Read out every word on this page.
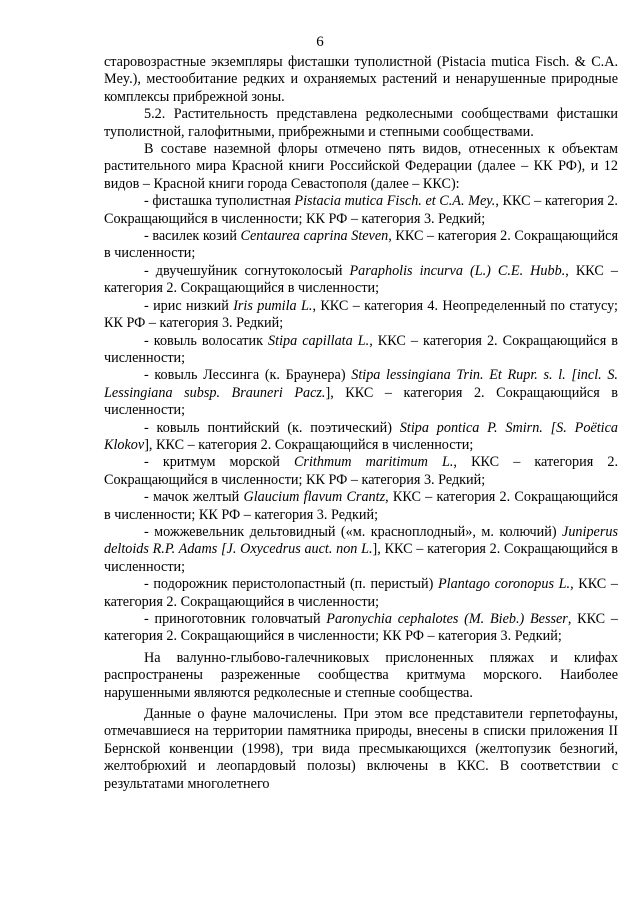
6

старовозрастные экземпляры фисташки туполистной (Pistacia mutica Fisch. & C.A. Mey.), местообитание редких и охраняемых растений и ненарушенные природные комплексы прибрежной зоны.

5.2. Растительность представлена редколесными сообществами фисташки туполистной, галофитными, прибрежными и степными сообществами.

В составе наземной флоры отмечено пять видов, отнесенных к объектам растительного мира Красной книги Российской Федерации (далее – КК РФ), и 12 видов – Красной книги города Севастополя (далее – ККС):

- фисташка туполистная Pistacia mutica Fisch. et C.A. Mey., ККС – категория 2. Сокращающийся в численности; КК РФ – категория 3. Редкий;

- василек козий Centaurea caprina Steven, ККС – категория 2. Сокращающийся в численности;

- двучешуйник согнутоколосый Parapholis incurva (L.) C.E. Hubb., ККС – категория 2. Сокращающийся в численности;

- ирис низкий Iris pumila L., ККС – категория 4. Неопределенный по статусу; КК РФ – категория 3. Редкий;

- ковыль волосатик Stipa capillata L., ККС – категория 2. Сокращающийся в численности;

- ковыль Лессинга (к. Браунера) Stipa lessingiana Trin. Et Rupr. s. l. [incl. S. Lessingiana subsp. Brauneri Pacz.], ККС – категория 2. Сокращающийся в численности;

- ковыль понтийский (к. поэтический) Stipa pontica P. Smirn. [S. Poëtica Klokov], ККС – категория 2. Сокращающийся в численности;

- критмум морской Crithmum maritimum L., ККС – категория 2. Сокращающийся в численности; КК РФ – категория 3. Редкий;

- мачок желтый Glaucium flavum Crantz, ККС – категория 2. Сокращающийся в численности; КК РФ – категория 3. Редкий;

- можжевельник дельтовидный («м. краснoплодный», м. колючий) Juniperus deltoids R.P. Adams [J. Oxycedrus auct. non L.], ККС – категория 2. Сокращающийся в численности;

- подорожник перистолопастный (п. перистый) Plantago coronopus L., ККС – категория 2. Сокращающийся в численности;

- приноготовник головчатый Paronychia cephalotes (M. Bieb.) Besser, ККС – категория 2. Сокращающийся в численности; КК РФ – категория 3. Редкий;

На валунно-глыбово-галечниковых прислоненных пляжах и клифах распространены разреженные сообщества критмума морского. Наиболее нарушенными являются редколесные и степные сообщества.

Данные о фауне малочислены. При этом все представители герпетофауны, отмечавшиеся на территории памятника природы, внесены в списки приложения II Бернской конвенции (1998), три вида пресмыкающихся (желтопузик безногий, желтобрюхий и леопардовый полозы) включены в ККС. В соответствии с результатами многолетнего
